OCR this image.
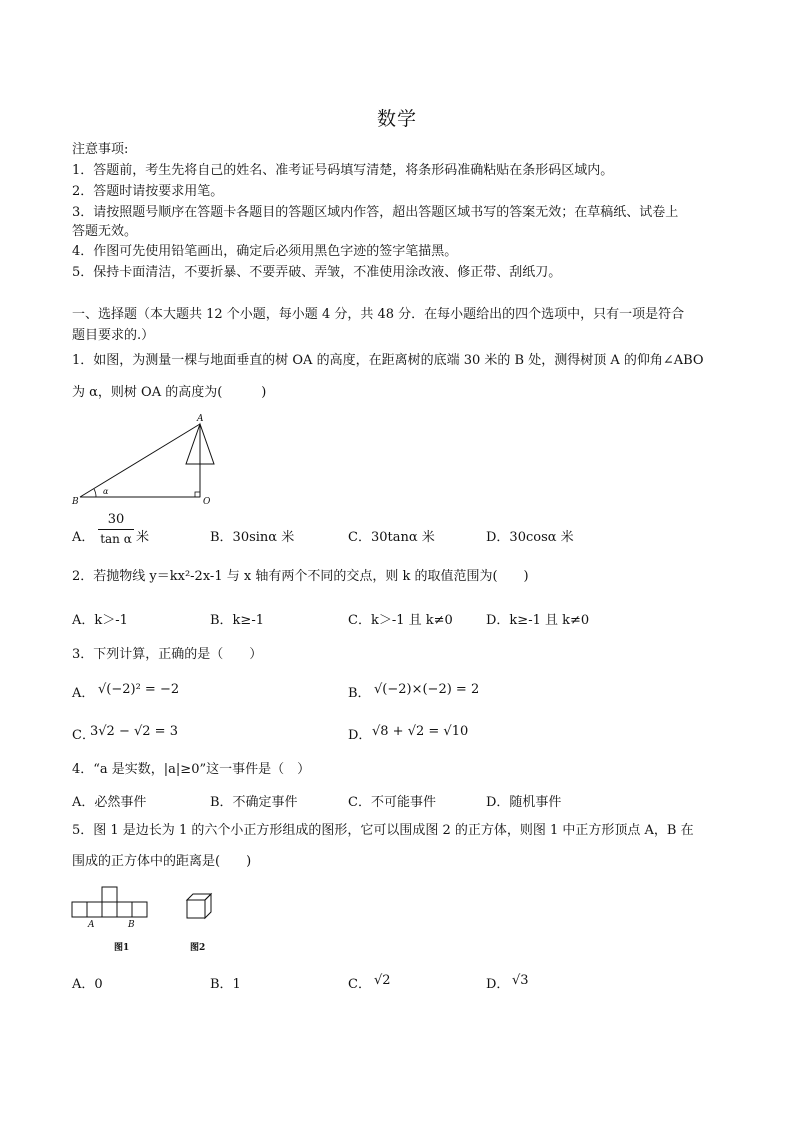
数学
注意事项:
1．答题前，考生先将自己的姓名、准考证号码填写清楚，将条形码准确粘贴在条形码区域内。
2．答题时请按要求用笔。
3．请按照题号顺序在答题卡各题目的答题区域内作答，超出答题区域书写的答案无效；在草稿纸、试卷上
答题无效。
4．作图可先使用铅笔画出，确定后必须用黑色字迹的签字笔描黑。
5．保持卡面清洁，不要折暴、不要弄破、弄皱，不准使用涂改液、修正带、刮纸刀。
一、选择题（本大题共 12 个小题，每小题 4 分，共 48 分．在每小题给出的四个选项中，只有一项是符合
题目要求的.）
1．如图，为测量一棵与地面垂直的树 OA 的高度，在距离树的底端 30 米的 B 处，测得树顶 A 的仰角∠ABO
为 α，则树 OA 的高度为(　　　)
A
B	O
α
A．
30
tan α 米	B．30sinα 米	C．30tanα 米	D．30cosα 米
2．若抛物线 y＝kx²-2x-1 与 x 轴有两个不同的交点，则 k 的取值范围为(　　)
A．k＞-1	B．k≥-1	C．k＞-1 且 k≠0	D．k≥-1 且 k≠0
3．下列计算，正确的是（　　）
A． √(−2)² = −2	B． √(−2)×(−2) = 2
C．
3√2 − √2 = 3	D． √8 + √2 = √10
4．“a 是实数，|a|≥0”这一事件是（　）
A．必然事件	B．不确定事件	C．不可能事件	D．随机事件
5．图 1 是边长为 1 的六个小正方形组成的图形，它可以围成图 2 的正方体，则图 1 中正方形顶点 A，B 在
围成的正方体中的距离是(　　)
A	B
图1	图2
A．0	B．1	C． √2	D． √3
